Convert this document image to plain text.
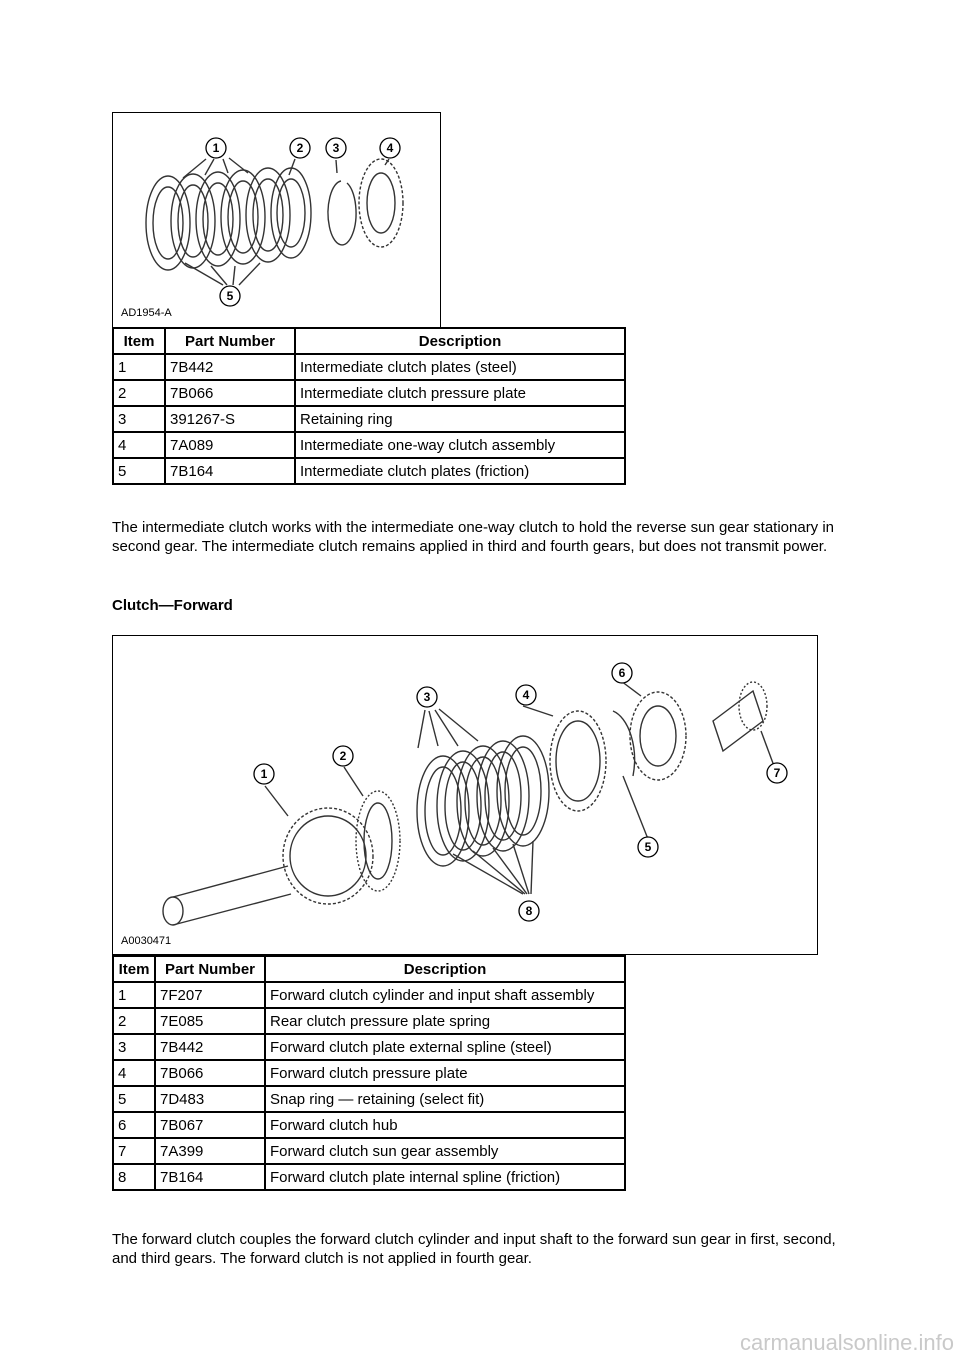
1	2 3	4
5
AD1954-A
Item	Part Number	Description
1	7B442	Intermediate clutch plates (steel)
2	7B066	Intermediate clutch pressure plate
3	391267-S	Retaining ring
4	7A089	Intermediate one-way clutch assembly
5	7B164	Intermediate clutch plates (friction)
The intermediate clutch works with the intermediate one-way clutch to hold the reverse sun gear stationary in second gear. The intermediate clutch remains applied in third and fourth gears, but does not transmit power.
Clutch—Forward
1
2
3	4
5
6
7
8
A0030471
Item	Part Number	Description
1	7F207	Forward clutch cylinder and input shaft assembly
2	7E085	Rear clutch pressure plate spring
3	7B442	Forward clutch plate external spline (steel)
4	7B066	Forward clutch pressure plate
5	7D483	Snap ring — retaining (select fit)
6	7B067	Forward clutch hub
7	7A399	Forward clutch sun gear assembly
8	7B164	Forward clutch plate internal spline (friction)
The forward clutch couples the forward clutch cylinder and input shaft to the forward sun gear in first, second, and third gears. The forward clutch is not applied in fourth gear.
carmanualsonline.info
